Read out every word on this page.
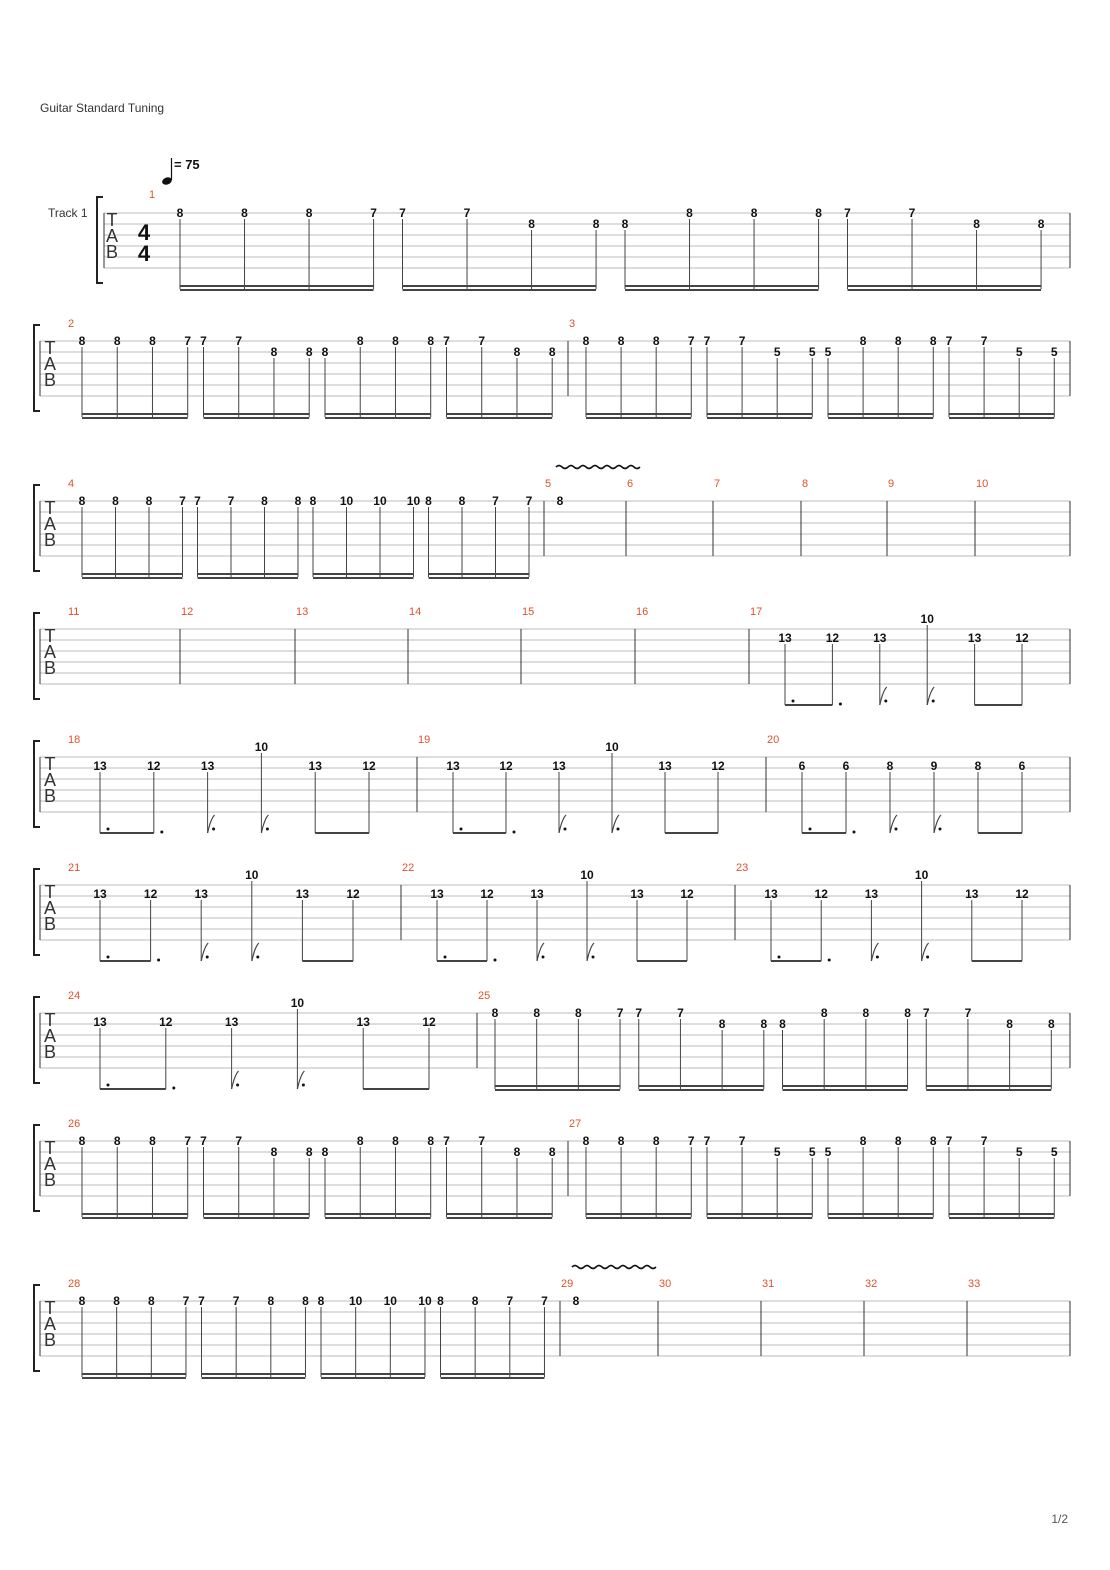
Guitar Standard Tuning
1/2
T
A
B
Track 1
4
4
= 75
1
8	8	8	7 7	7
8	8 8
8	8	8 7	7
8	8
T
A
B
2
8 8 8 7 7 7
8 8 8
8 8 8 7 7
8 8
3
8 8 8 7 7 7
5 5 5
8 8 8 7 7
5 5
T
A
B
4
8 8 8 7 7 7 8 8 8 10 10 10 8 8 7 7
5
8
6	7	8	9	10
T
A
B
11	12	13	14	15	16	17
13	12	13
10
13	12
T
A
B
18
13	12	13
10
13	12
19
13	12	13
10
13	12
20
6	6	8	9	8	6
T
A
B
21
13	12	13
10
13	12
22
13	12	13
10
13	12
23
13	12	13
10
13	12
T
A
B
24
13	12	13
10
13	12
25
8	8	8	7 7	7
8	8 8
8	8	8 7	7
8	8
T
A
B
26
8 8 8 7 7 7
8 8 8
8 8 8 7 7
8 8
27
8 8 8 7 7 7
5 5 5
8 8 8 7 7
5 5
T
A
B
28
8 8 8 7 7 7 8 8 8 10 10 10 8 8 7 7
29
8
30	31	32	33
